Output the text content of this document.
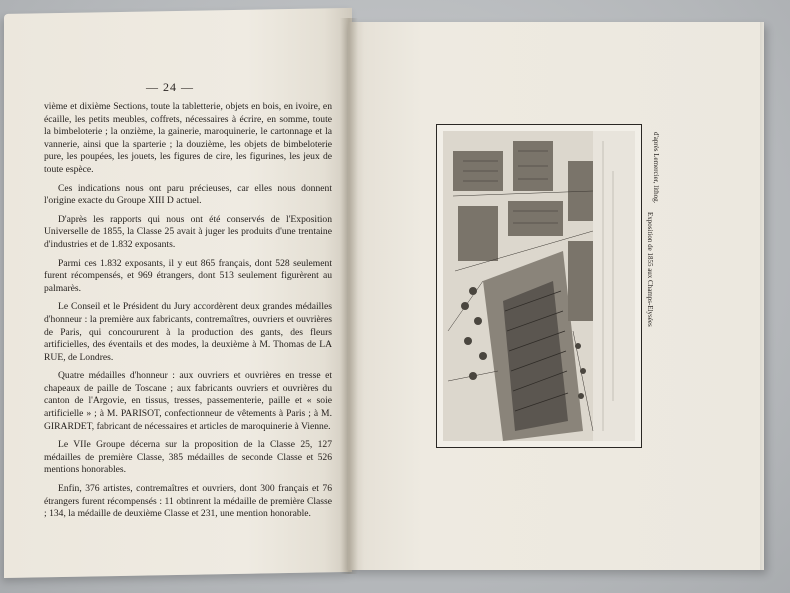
— 24 —

vième et dixième Sections, toute la tabletterie, objets en bois, en ivoire, en écaille, les petits meubles, coffrets, nécessaires à écrire, en somme, toute la bimbeloterie ; la onzième, la gainerie, maroquinerie, le cartonnage et la vannerie, ainsi que la sparterie ; la douzième, les objets de bimbeloterie pure, les poupées, les jouets, les figures de cire, les figurines, les jeux de toute espèce.

Ces indications nous ont paru précieuses, car elles nous donnent l'origine exacte du Groupe XIII D actuel.

D'après les rapports qui nous ont été conservés de l'Exposition Universelle de 1855, la Classe 25 avait à juger les produits d'une trentaine d'industries et de 1.832 exposants.

Parmi ces 1.832 exposants, il y eut 865 français, dont 528 seulement furent récompensés, et 969 étrangers, dont 513 seulement figurèrent au palmarès.

Le Conseil et le Président du Jury accordèrent deux grandes médailles d'honneur : la première aux fabricants, contremaîtres, ouvriers et ouvrières de Paris, qui concoururent à la production des gants, des fleurs artificielles, des éventails et des modes, la deuxième à M. Thomas de LA RUE, de Londres.

Quatre médailles d'honneur : aux ouvriers et ouvrières en tresse et chapeaux de paille de Toscane ; aux fabricants ouvriers et ouvrières du canton de l'Argovie, en tissus, tresses, passementerie, paille et « soie artificielle » ; à M. PARISOT, confectionneur de vêtements à Paris ; à M. GIRARDET, fabricant de nécessaires et articles de maroquinerie à Vienne.

Le VIIe Groupe décerna sur la proposition de la Classe 25, 127 médailles de première Classe, 385 médailles de seconde Classe et 526 mentions honorables.

Enfin, 376 artistes, contremaîtres et ouvriers, dont 300 français et 76 étrangers furent récompensés : 11 obtinrent la médaille de première Classe ; 134, la médaille de deuxième Classe et 231, une mention honorable.

d'après Lemercier, lithog.
Exposition de 1855 aux Champs-Elysées
